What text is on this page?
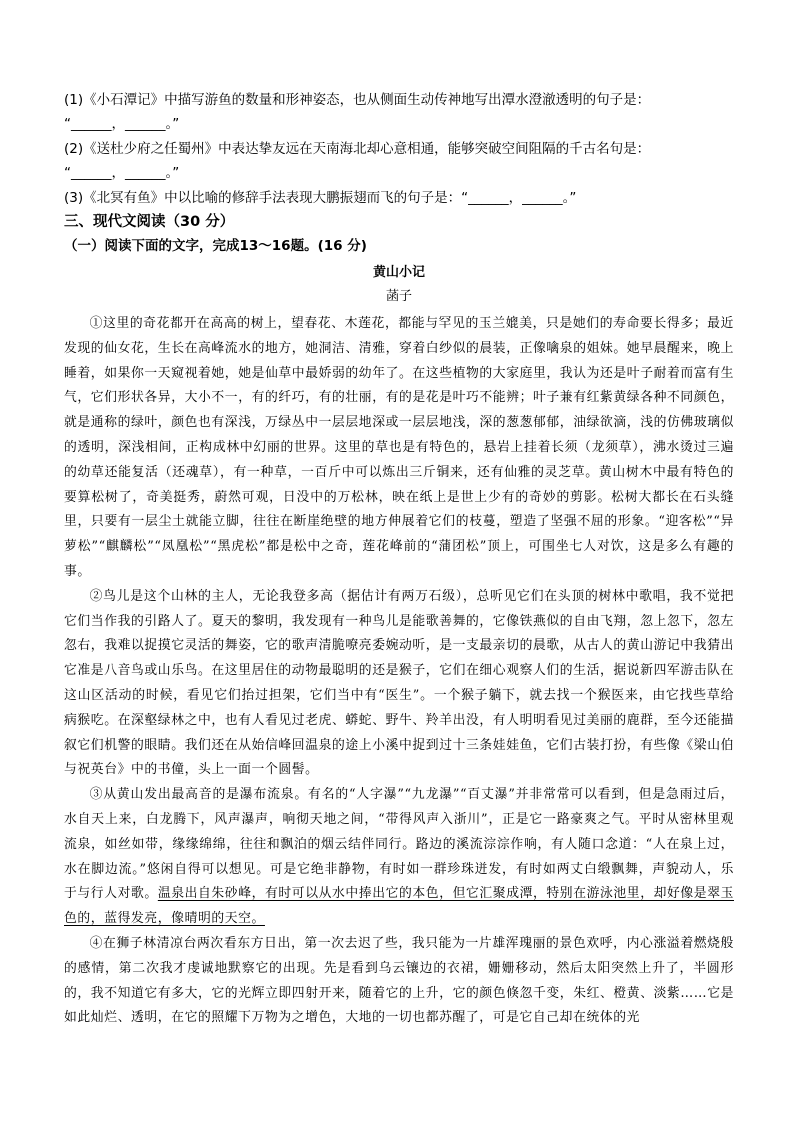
(1)《小石潭记》中描写游鱼的数量和形神姿态，也从侧面生动传神地写出潭水澄澈透明的句子是：

“______，______。”

(2)《送杜少府之任蜀州》中表达挚友远在天南海北却心意相通，能够突破空间阻隔的千古名句是：

“______，______。”

(3)《北冥有鱼》中以比喻的修辞手法表现大鹏振翅而飞的句子是：“______，______。”

三、现代文阅读（30 分）

（一）阅读下面的文字，完成13～16题。(16 分)

黄山小记

菡子

①这里的奇花都开在高高的树上，望春花、木莲花，都能与罕见的玉兰媲美，只是她们的寿命要长得多；最近发现的仙女花，生长在高峰流水的地方，她洞洁、清雅，穿着白纱似的晨装，正像噙泉的姐妹。她早晨醒来，晚上睡着，如果你一天窥视着她，她是仙草中最娇弱的幼年了。在这些植物的大家庭里，我认为还是叶子耐着而富有生气，它们形状各异，大小不一，有的纤巧，有的壮丽，有的是花是叶巧不能辨；叶子兼有红紫黄绿各种不同颜色，就是通称的绿叶，颜色也有深浅，万绿丛中一层层地深或一层层地浅，深的葱葱郁郁，油绿欲滴，浅的仿佛玻璃似的透明，深浅相间，正构成林中幻丽的世界。这里的草也是有特色的，悬岩上挂着长须（龙须草），沸水烫过三遍的幼草还能复活（还魂草），有一种草，一百斤中可以炼出三斤铜来，还有仙雅的灵芝草。黄山树木中最有特色的要算松树了，奇美挺秀，蔚然可观，日没中的万松林，映在纸上是世上少有的奇妙的剪影。松树大都长在石头缝里，只要有一层尘土就能立脚，往往在断崖绝壁的地方伸展着它们的枝蔓，塑造了坚强不屈的形象。“迎客松”“异萝松”“麒麟松”“凤凰松”“黑虎松”都是松中之奇，莲花峰前的“蒲团松”顶上，可围坐七人对饮，这是多么有趣的事。

②鸟儿是这个山林的主人，无论我登多高（据估计有两万石级），总听见它们在头顶的树林中歌唱，我不觉把它们当作我的引路人了。夏天的黎明，我发现有一种鸟儿是能歌善舞的，它像铁燕似的自由飞翔，忽上忽下，忽左忽右，我难以捉摸它灵活的舞姿，它的歌声清脆嘹亮委婉动听，是一支最亲切的晨歌，从古人的黄山游记中我猜出它准是八音鸟或山乐鸟。在这里居住的动物最聪明的还是猴子，它们在细心观察人们的生活，据说新四军游击队在这山区活动的时候，看见它们抬过担架，它们当中有“医生”。一个猴子躺下，就去找一个猴医来，由它找些草给病猴吃。在深壑绿林之中，也有人看见过老虎、蟒蛇、野牛、羚羊出没，有人明明看见过美丽的鹿群，至今还能描叙它们机警的眼睛。我们还在从始信峰回温泉的途上小溪中捉到过十三条娃娃鱼，它们古装打扮，有些像《梁山伯与祝英台》中的书僮，头上一面一个圆髻。

③从黄山发出最高音的是瀑布流泉。有名的“人字瀑”“九龙瀑”“百丈瀑”并非常常可以看到，但是急雨过后，水自天上来，白龙腾下，风声瀑声，响彻天地之间，“带得风声入浙川”，正是它一路豪爽之气。平时从密林里观流泉，如丝如带，缘缘绵绵，往往和飘泊的烟云结伴同行。路边的溪流淙淙作响，有人随口念道：“人在泉上过，水在脚边流。”悠闲自得可以想见。可是它绝非静物，有时如一群珍珠迸发，有时如两丈白缎飘舞，声貌动人，乐于与行人对歌。温泉出自朱砂峰，有时可以从水中捧出它的本色，但它汇聚成潭，特别在游泳池里，却好像是翠玉色的，蓝得发亮，像晴明的天空。

④在狮子林清凉台两次看东方日出，第一次去迟了些，我只能为一片雄浑瑰丽的景色欢呼，内心涨溢着燃烧般的感情，第二次我才虔诚地默察它的出现。先是看到乌云镶边的衣裙，姗姗移动，然后太阳突然上升了，半圆形的，我不知道它有多大，它的光辉立即四射开来，随着它的上升，它的颜色倏忽千变，朱红、橙黄、淡紫……它是如此灿烂、透明，在它的照耀下万物为之增色，大地的一切也都苏醒了，可是它自己却在统体的光
